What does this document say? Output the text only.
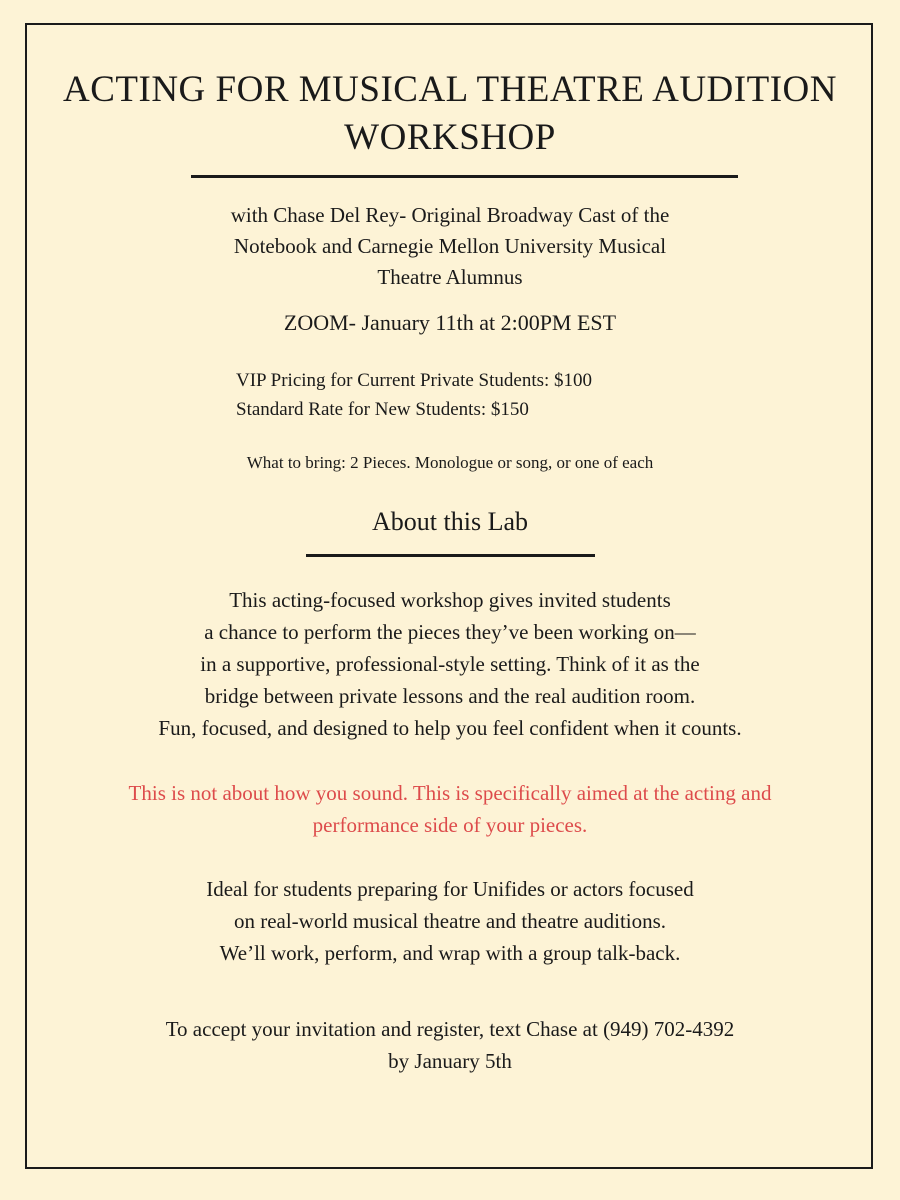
ACTING FOR MUSICAL THEATRE AUDITION
WORKSHOP
with Chase Del Rey- Original Broadway Cast of the
Notebook and Carnegie Mellon University Musical
Theatre Alumnus
ZOOM- January 11th at 2:00PM EST
VIP Pricing for Current Private Students: $100
Standard Rate for New Students: $150
What to bring: 2 Pieces. Monologue or song, or one of each
About this Lab
This acting-focused workshop gives invited students
a chance to perform the pieces they’ve been working on—
in a supportive, professional-style setting. Think of it as the
bridge between private lessons and the real audition room.
Fun, focused, and designed to help you feel confident when it counts.
This is not about how you sound. This is specifically aimed at the acting and
performance side of your pieces.
Ideal for students preparing for Unifides or actors focused
on real-world musical theatre and theatre auditions.
We’ll work, perform, and wrap with a group talk-back.
To accept your invitation and register, text Chase at (949) 702-4392
by January 5th
